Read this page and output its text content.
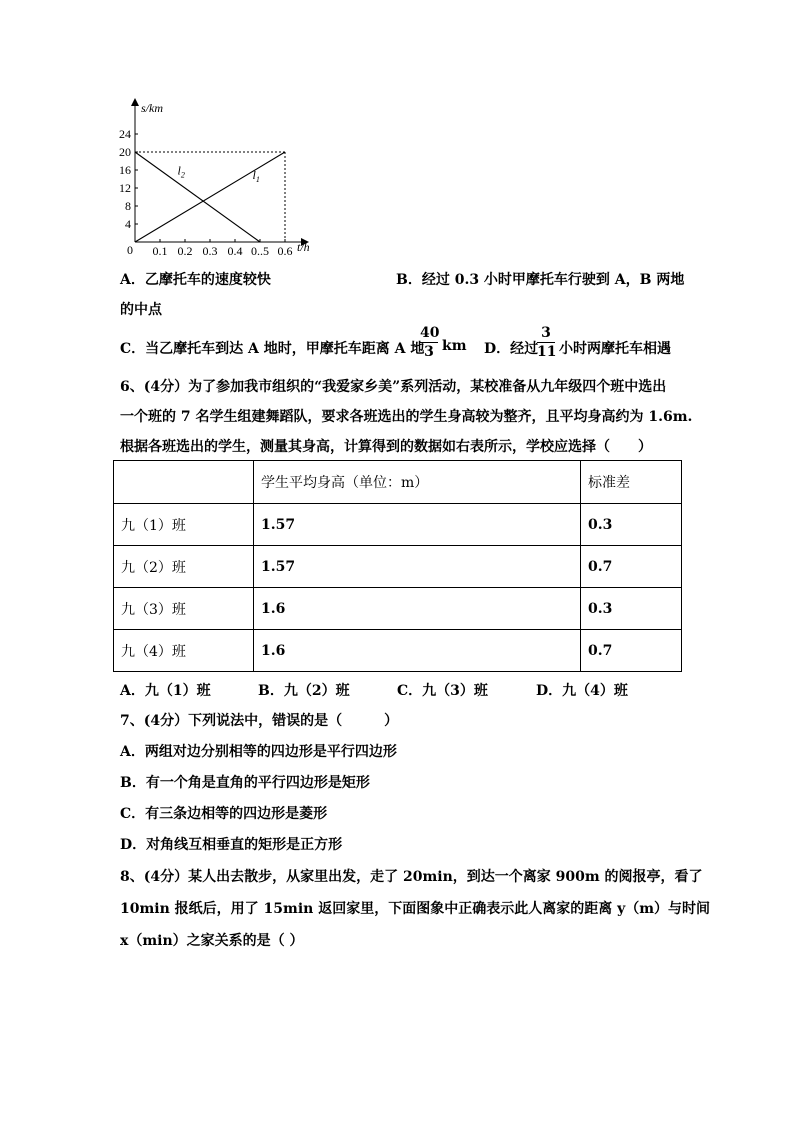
0.1 0.2 0.3 0.4 0..5 0.6
4
8
12
16
20
24
$l_2$	$l_1$
s/km
t/h
0
A．乙摩托车的速度较快	B．经过 0.3 小时甲摩托车行驶到 A，B 两地
的中点
C．当乙摩托车到达 A 地时，甲摩托车距离 A 地
40
3 km D．经过
3
11 小时两摩托车相遇
6、(4分）为了参加我市组织的“我爱家乡美”系列活动，某校准备从九年级四个班中选出
一个班的 7 名学生组建舞蹈队，要求各班选出的学生身高较为整齐，且平均身高约为 1.6m.
根据各班选出的学生，测量其身高，计算得到的数据如右表所示，学校应选择（　　）
	学生平均身高（单位：m）	标准差
九（1）班	1.57	0.3
九（2）班	1.57	0.7
九（3）班	1.6	0.3
九（4）班	1.6	0.7
A．九（1）班	B．九（2）班	C．九（3）班	D．九（4）班
7、(4分）下列说法中，错误的是（　　　）
A．两组对边分别相等的四边形是平行四边形
B．有一个角是直角的平行四边形是矩形
C．有三条边相等的四边形是菱形
D．对角线互相垂直的矩形是正方形
8、(4分）某人出去散步，从家里出发，走了 20min，到达一个离家 900m 的阅报亭，看了
10min 报纸后，用了 15min 返回家里，下面图象中正确表示此人离家的距离 y（m）与时间
x（min）之家关系的是（ ）
